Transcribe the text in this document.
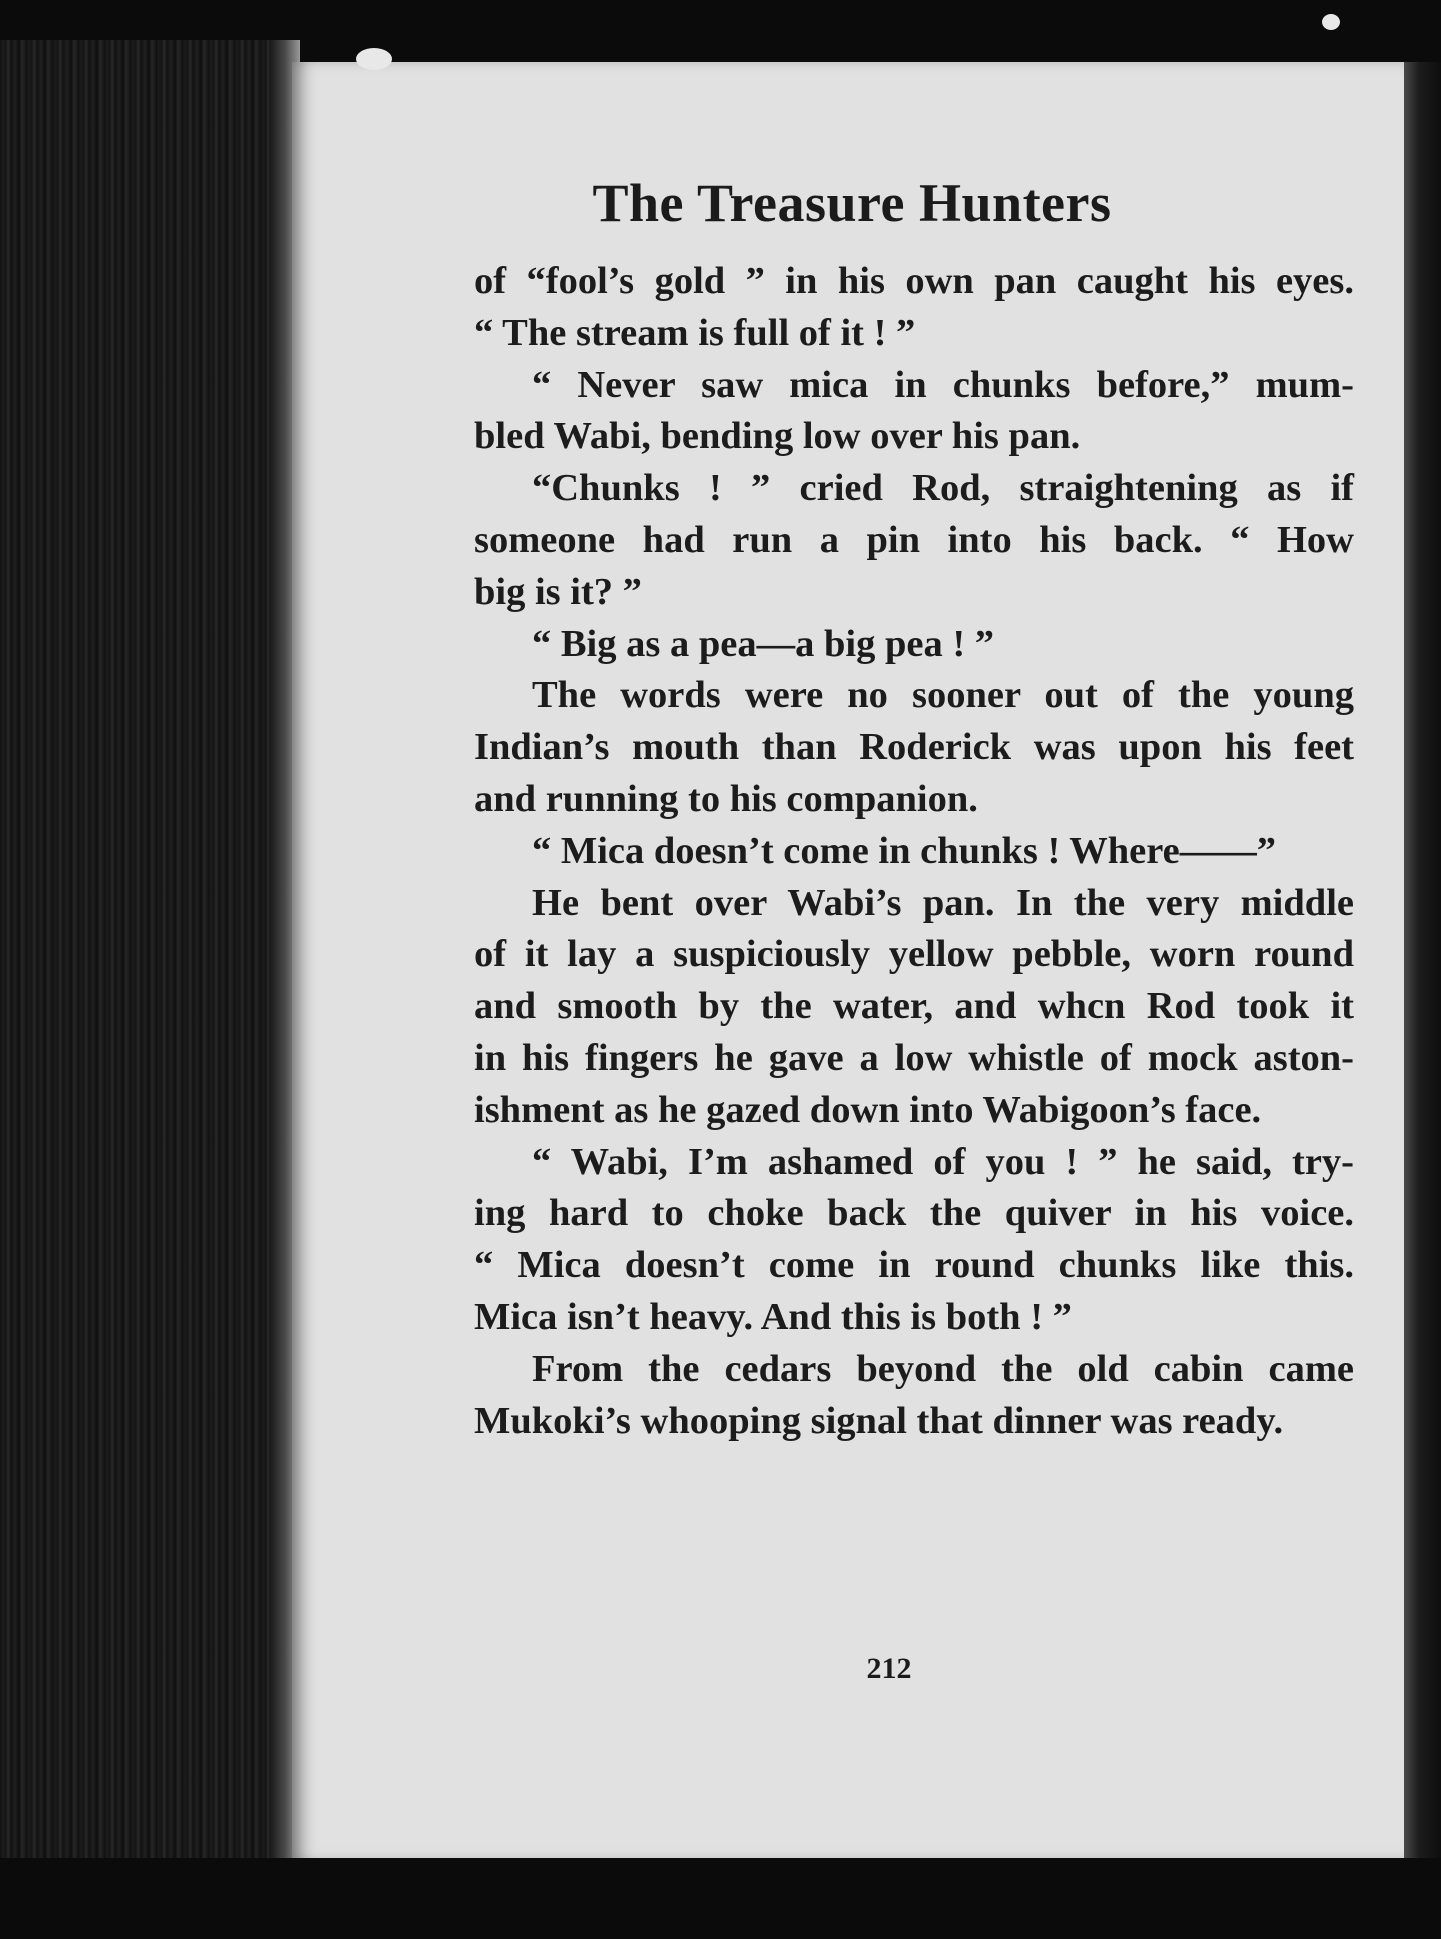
The Treasure Hunters
of “fool’s gold ” in his own pan caught his eyes.
“ The stream is full of it ! ”
“ Never saw mica in chunks before,” mum-
bled Wabi, bending low over his pan.
“Chunks ! ” cried Rod, straightening as if
someone had run a pin into his back. “ How
big is it? ”
“ Big as a pea—a big pea ! ”
The words were no sooner out of the young
Indian’s mouth than Roderick was upon his feet
and running to his companion.
“ Mica doesn’t come in chunks ! Where——”
He bent over Wabi’s pan. In the very middle
of it lay a suspiciously yellow pebble, worn round
and smooth by the water, and whcn Rod took it
in his fingers he gave a low whistle of mock aston-
ishment as he gazed down into Wabigoon’s face.
“ Wabi, I’m ashamed of you ! ” he said, try-
ing hard to choke back the quiver in his voice.
“ Mica doesn’t come in round chunks like this.
Mica isn’t heavy. And this is both ! ”
From the cedars beyond the old cabin came
Mukoki’s whooping signal that dinner was ready.
212
